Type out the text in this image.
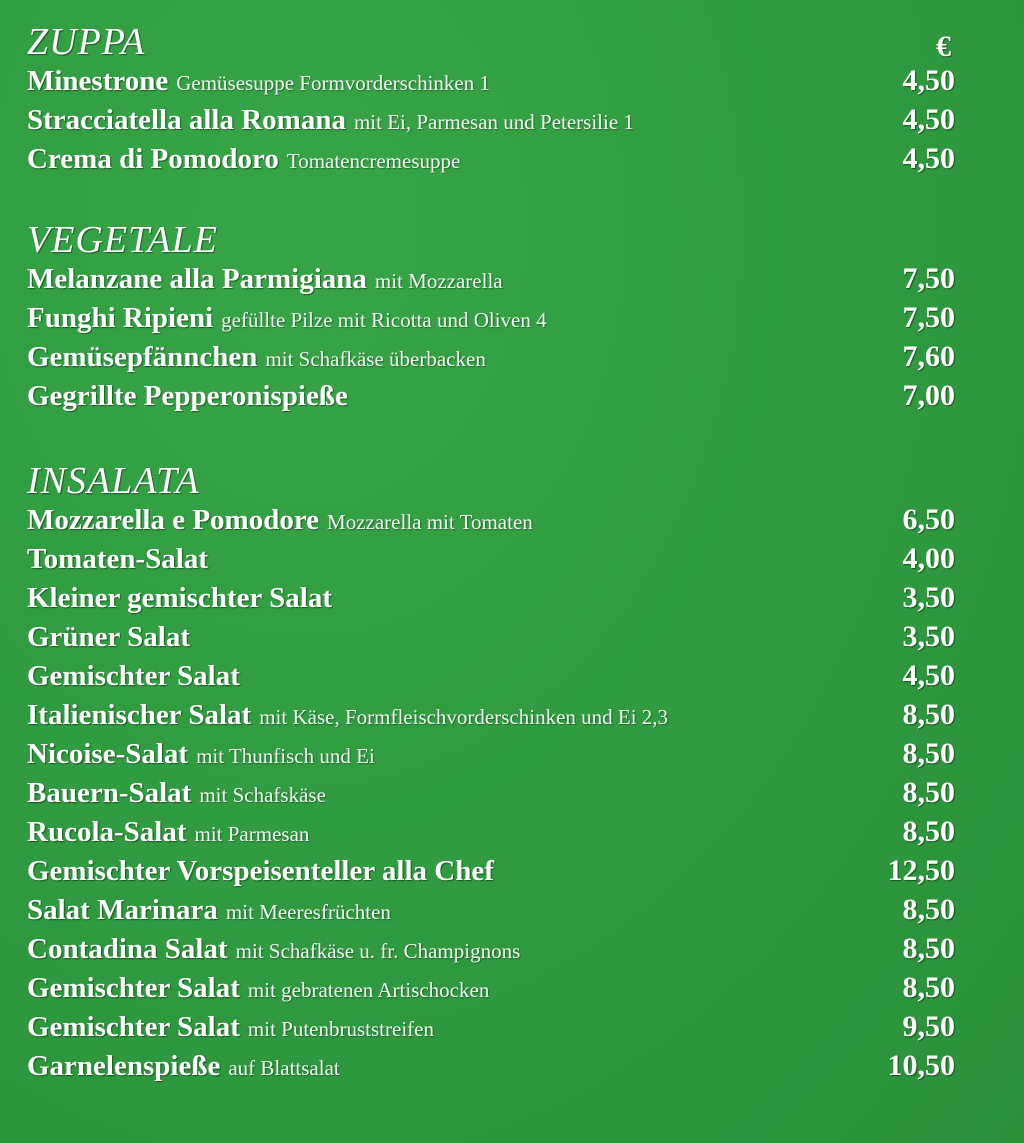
ZUPPA	€
Minestrone Gemüsesuppe Formvorderschinken 1	4,50
Stracciatella alla Romana mit Ei, Parmesan und Petersilie 1	4,50
Crema di Pomodoro Tomatencremesuppe	4,50
VEGETALE
Melanzane alla Parmigiana mit Mozzarella	7,50
Funghi Ripieni gefüllte Pilze mit Ricotta und Oliven 4	7,50
Gemüsepfännchen mit Schafkäse überbacken	7,60
Gegrillte Pepperonispieße	7,00
INSALATA
Mozzarella e Pomodore Mozzarella mit Tomaten	6,50
Tomaten-Salat	4,00
Kleiner gemischter Salat	3,50
Grüner Salat	3,50
Gemischter Salat	4,50
Italienischer Salat mit Käse, Formfleischvorderschinken und Ei 2,3	8,50
Nicoise-Salat mit Thunfisch und Ei	8,50
Bauern-Salat mit Schafskäse	8,50
Rucola-Salat mit Parmesan	8,50
Gemischter Vorspeisenteller alla Chef	12,50
Salat Marinara mit Meeresfrüchten	8,50
Contadina Salat mit Schafkäse u. fr. Champignons	8,50
Gemischter Salat mit gebratenen Artischocken	8,50
Gemischter Salat mit Putenbruststreifen	9,50
Garnelenspieße auf Blattsalat	10,50
